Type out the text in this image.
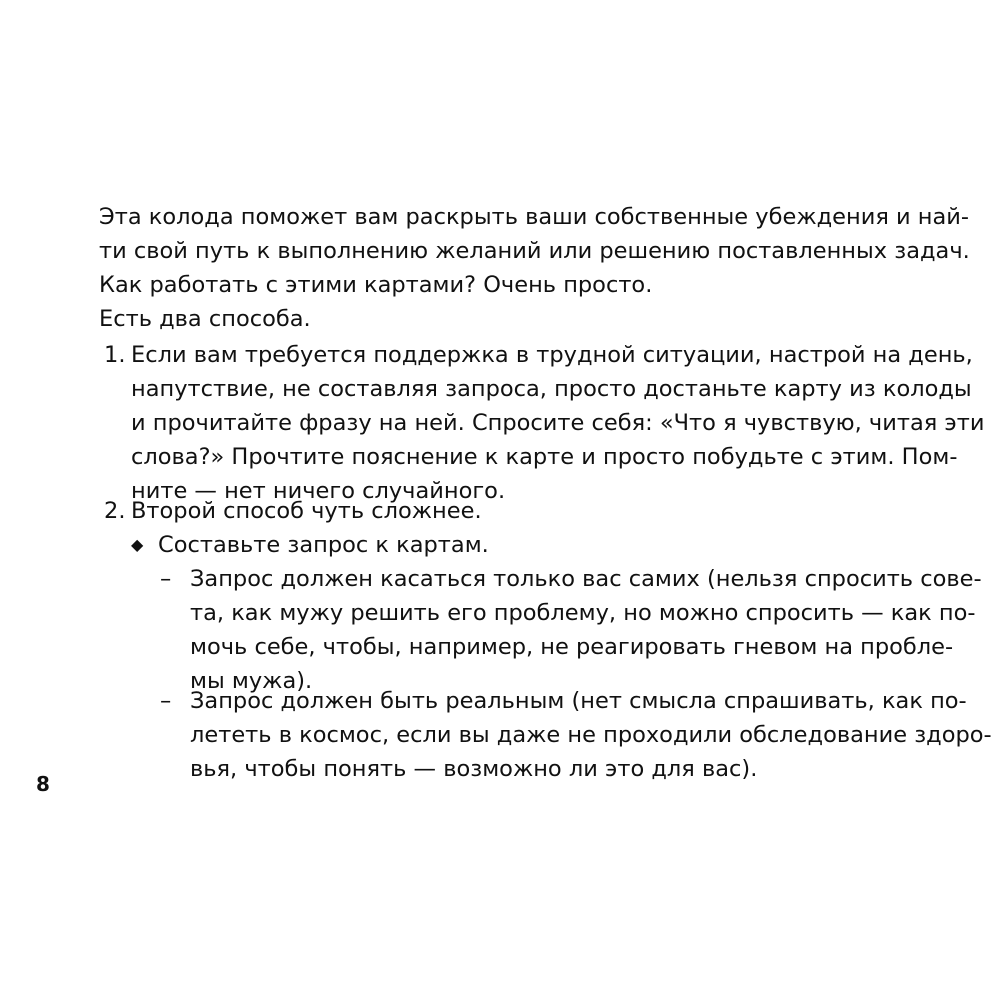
Эта колода поможет вам раскрыть ваши собственные убеждения и най-
ти свой путь к выполнению желаний или решению поставленных задач.
Как работать с этими картами? Очень просто.
Есть два способа.
1. Если вам требуется поддержка в трудной ситуации, настрой на день,
напутствие, не составляя запроса, просто достаньте карту из колоды
и прочитайте фразу на ней. Спросите себя: «Что я чувствую, читая эти
слова?» Прочтите пояснение к карте и просто побудьте с этим. Пом-
ните — нет ничего случайного.
2. Второй способ чуть сложнее.
◆ Составьте запрос к картам.
– Запрос должен касаться только вас самих (нельзя спросить сове-
та, как мужу решить его проблему, но можно спросить — как по-
мочь себе, чтобы, например, не реагировать гневом на пробле-
мы мужа).
– Запрос должен быть реальным (нет смысла спрашивать, как по-
лететь в космос, если вы даже не проходили обследование здоро-
вья, чтобы понять — возможно ли это для вас).
8
